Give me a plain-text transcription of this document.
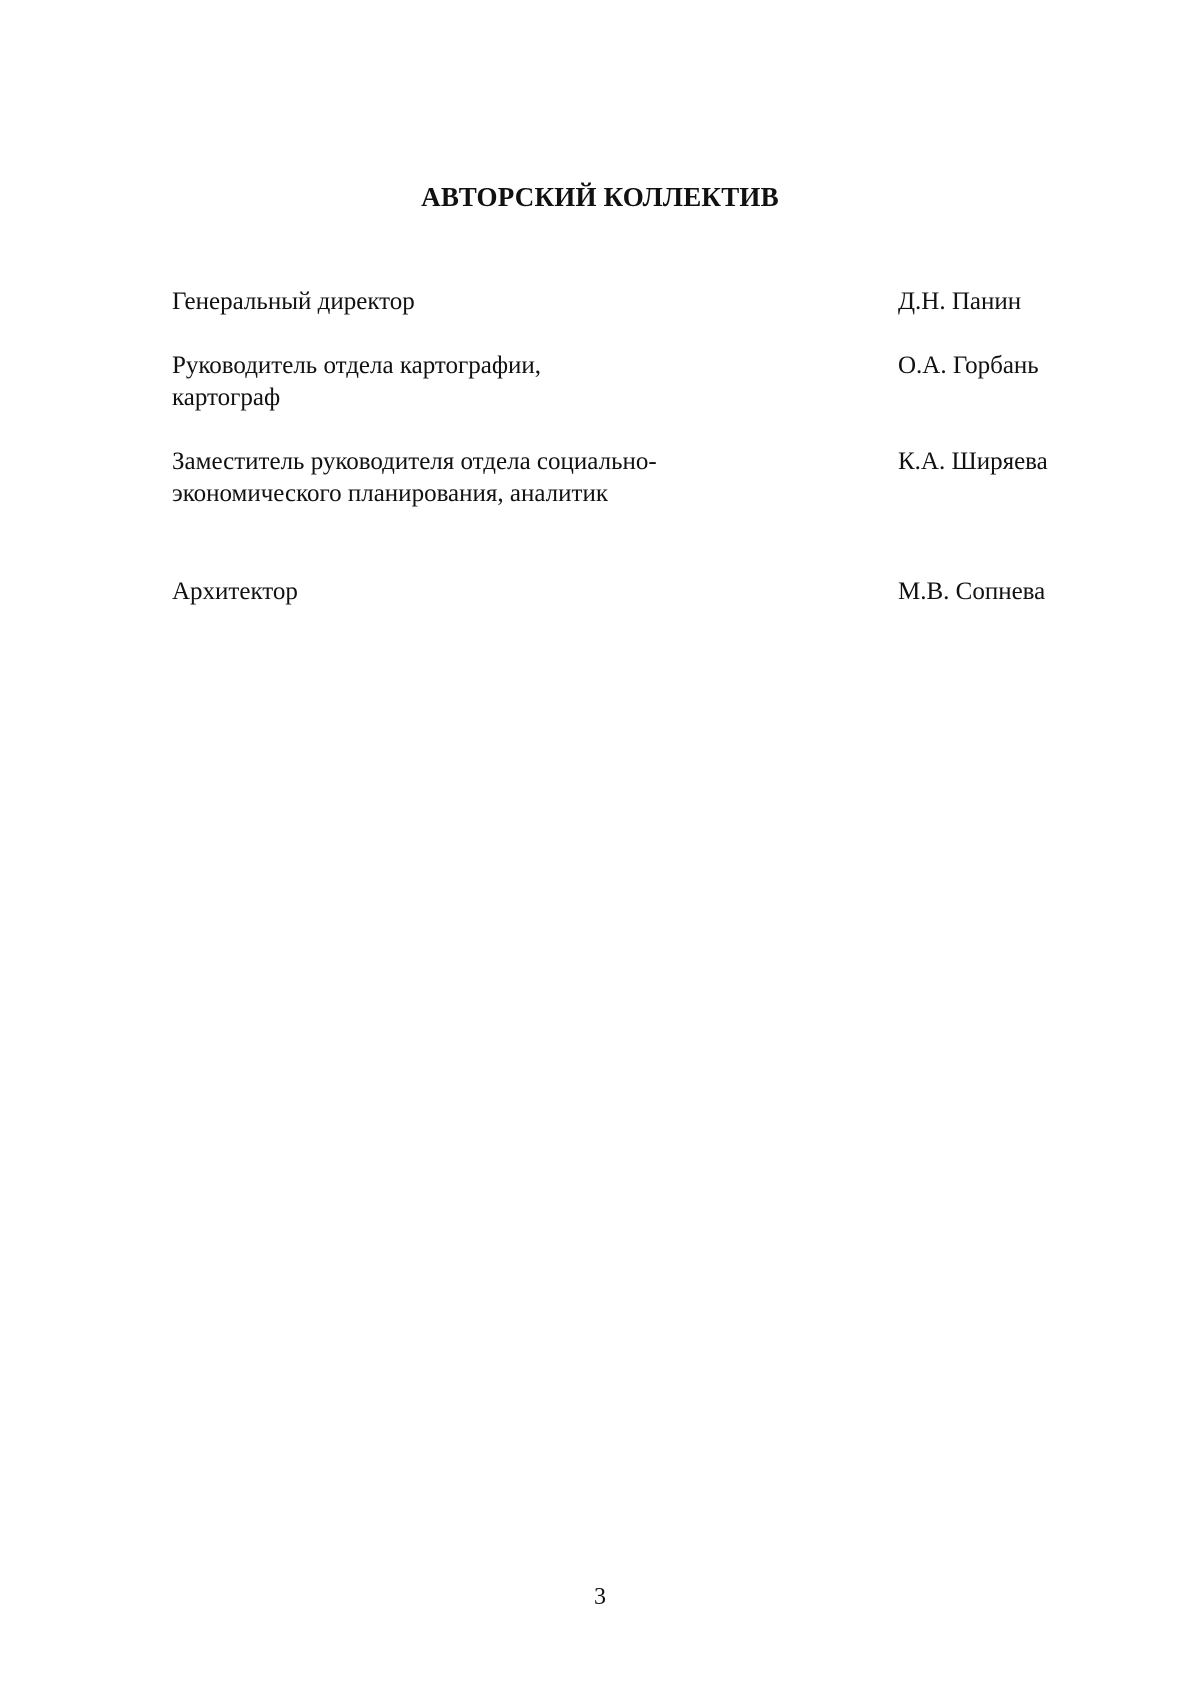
АВТОРСКИЙ КОЛЛЕКТИВ
Генеральный директор	Д.Н. Панин
Руководитель отдела картографии,
картограф
О.А. Горбань
Заместитель руководителя отдела социально-
экономического планирования, аналитик
К.А. Ширяева
Архитектор	М.В. Сопнева
3
